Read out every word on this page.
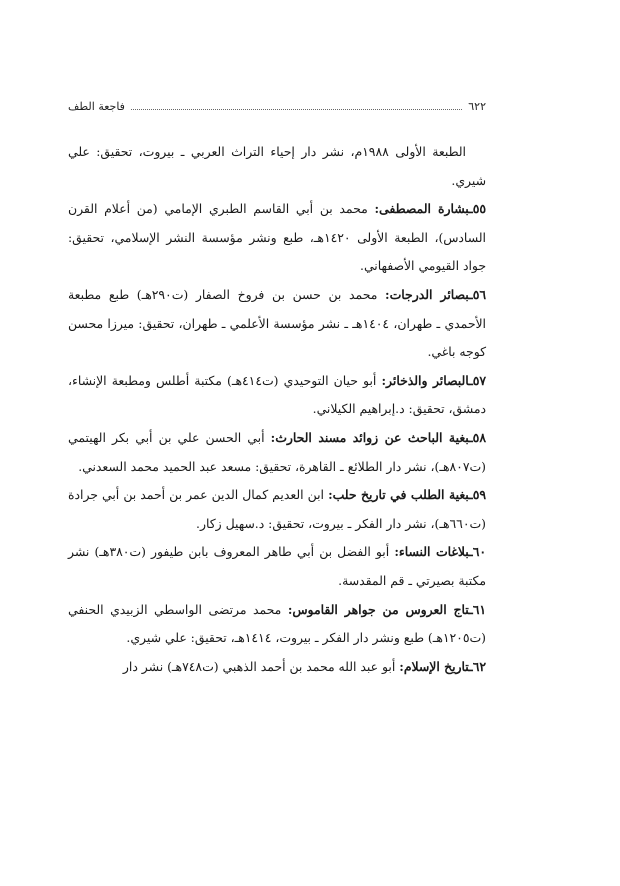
٦٢٢
فاجعة الطف

الطبعة الأولى ١٩٨٨م، نشر دار إحياء التراث العربي ـ بيروت، تحقيق: علي شيري.

٥٥ـبشارة المصطفى: محمد بن أبي القاسم الطبري الإمامي (من أعلام القرن السادس)، الطبعة الأولى ١٤٢٠هـ، طبع ونشر مؤسسة النشر الإسلامي، تحقيق: جواد القيومي الأصفهاني.

٥٦ـبصائر الدرجات: محمد بن حسن بن فروخ الصفار (ت٢٩٠هـ) طبع مطبعة الأحمدي ـ طهران، ١٤٠٤هـ ـ نشر مؤسسة الأعلمي ـ طهران، تحقيق: ميرزا محسن كوجه باغي.

٥٧ـالبصائر والذخائر: أبو حيان التوحيدي (ت٤١٤هـ) مكتبة أطلس ومطبعة الإنشاء، دمشق، تحقيق: د.إبراهيم الكيلاني.

٥٨ـبغية الباحث عن زوائد مسند الحارث: أبي الحسن علي بن أبي بكر الهيتمي (ت٨٠٧هـ)، نشر دار الطلائع ـ القاهرة، تحقيق: مسعد عبد الحميد محمد السعدني.

٥٩ـبغية الطلب في تاريخ حلب: ابن العديم كمال الدين عمر بن أحمد بن أبي جرادة (ت٦٦٠هـ)، نشر دار الفكر ـ بيروت، تحقيق: د.سهيل زكار.

٦٠ـبلاغات النساء: أبو الفضل بن أبي طاهر المعروف بابن طيفور (ت٣٨٠هـ) نشر مكتبة بصيرتي ـ قم المقدسة.

٦١ـتاج العروس من جواهر القاموس: محمد مرتضى الواسطي الزبيدي الحنفي (ت١٢٠٥هـ) طبع ونشر دار الفكر ـ بيروت، ١٤١٤هـ، تحقيق: علي شيري.

٦٢ـتاريخ الإسلام: أبو عبد الله محمد بن أحمد الذهبي (ت٧٤٨هـ) نشر دار
